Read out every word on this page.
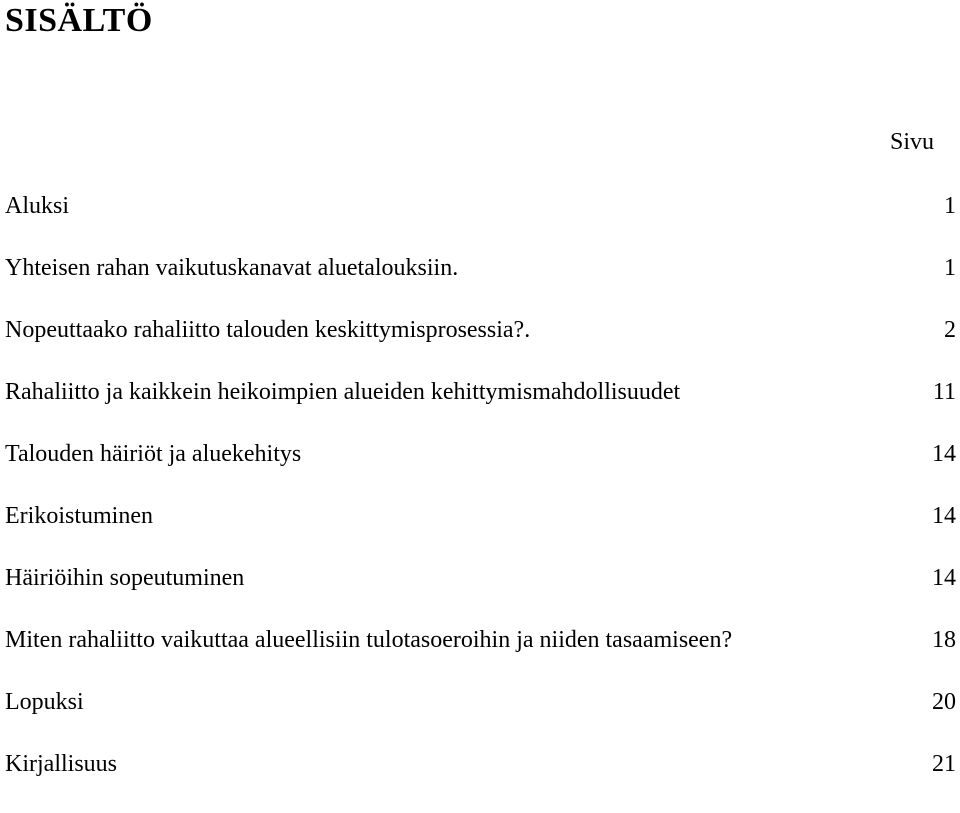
SISÄLTÖ
Sivu
Aluksi	1
Yhteisen rahan vaikutuskanavat aluetalouksiin.	1
Nopeuttaako rahaliitto talouden keskittymisprosessia?.	2
Rahaliitto ja kaikkein heikoimpien alueiden kehittymismahdollisuudet	11
Talouden häiriöt ja aluekehitys	14
Erikoistuminen	14
Häiriöihin sopeutuminen	14
Miten rahaliitto vaikuttaa alueellisiin tulotasoeroihin ja niiden tasaamiseen?	18
Lopuksi	20
Kirjallisuus	21
